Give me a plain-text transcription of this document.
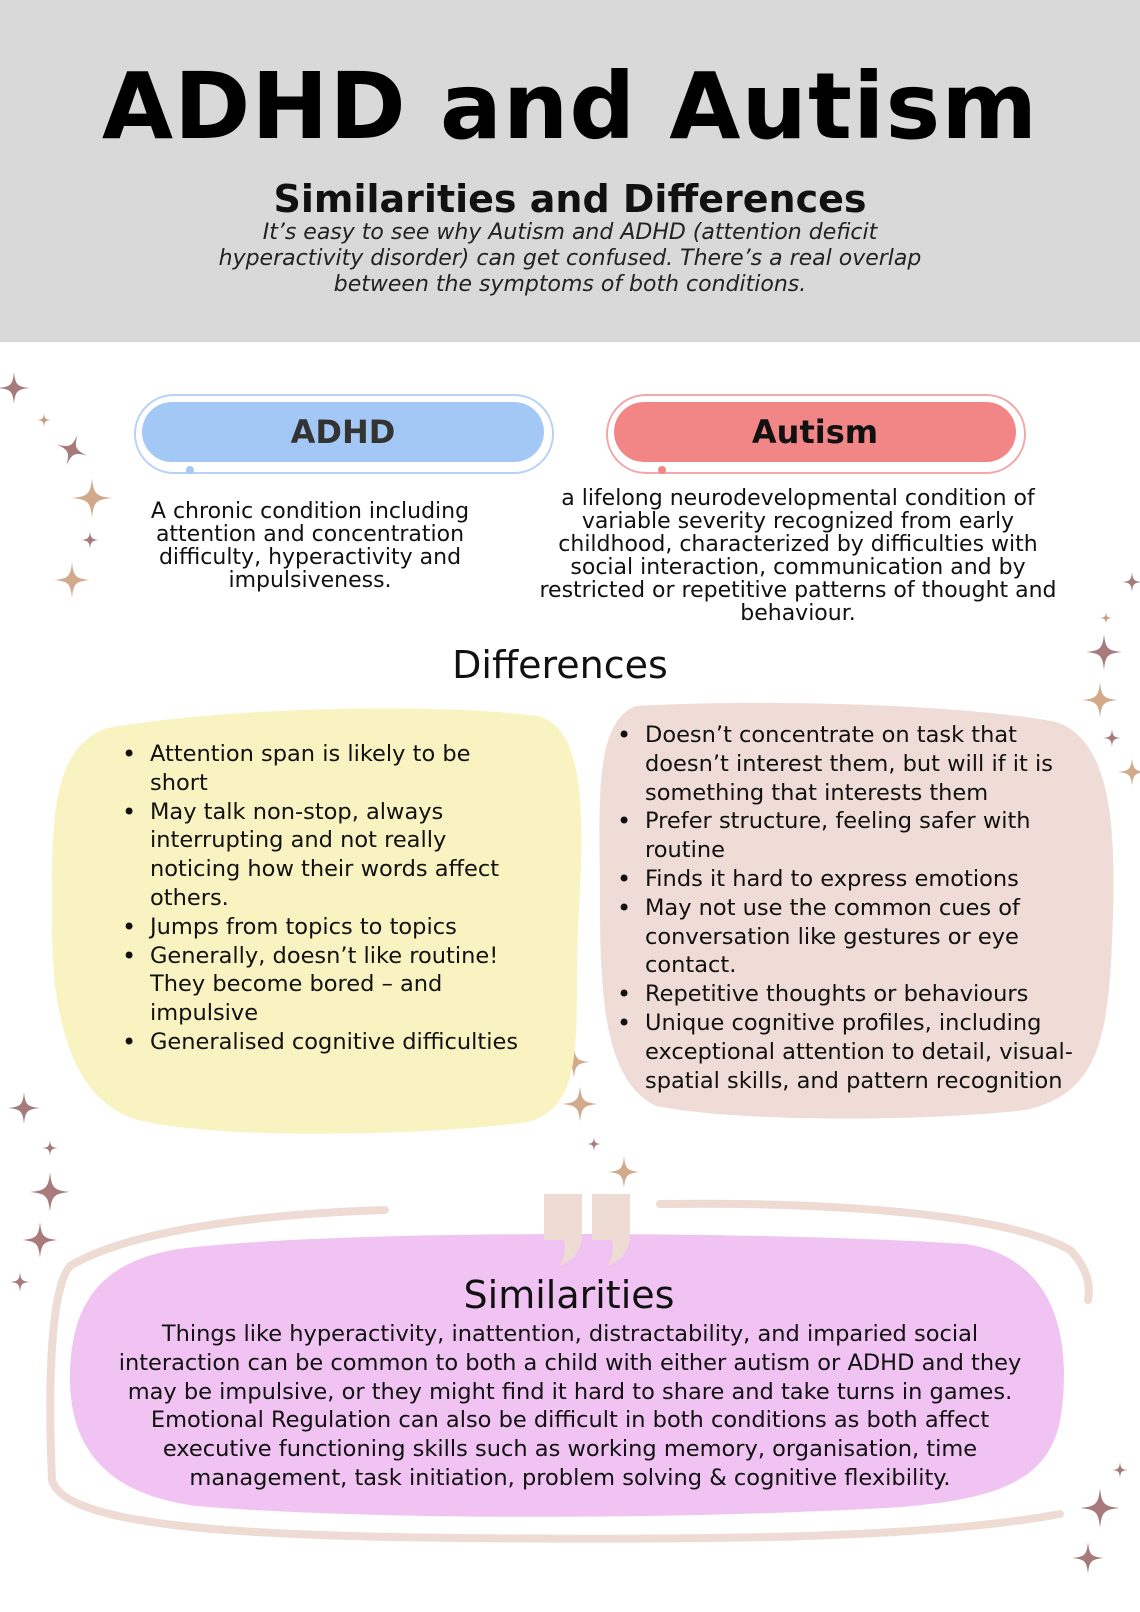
ADHD and Autism
Similarities and Differences
It’s easy to see why Autism and ADHD (attention deficit hyperactivity disorder) can get confused. There’s a real overlap between the symptoms of both conditions.
ADHD	Autism
A chronic condition including attention and concentration difficulty, hyperactivity and impulsiveness.
a lifelong neurodevelopmental condition of variable severity recognized from early childhood, characterized by difficulties with social interaction, communication and by restricted or repetitive patterns of thought and behaviour.
Differences
• Attention span is likely to be short
• May talk non-stop, always interrupting and not really noticing how their words affect others.
• Jumps from topics to topics
• Generally, doesn’t like routine! They become bored – and impulsive
• Generalised cognitive difficulties
• Doesn’t concentrate on task that doesn’t interest them, but will if it is something that interests them
• Prefer structure, feeling safer with routine
• Finds it hard to express emotions
• May not use the common cues of conversation like gestures or eye contact.
• Repetitive thoughts or behaviours
• Unique cognitive profiles, including exceptional attention to detail, visual-spatial skills, and pattern recognition
Similarities
Things like hyperactivity, inattention, distractability, and imparied social interaction can be common to both a child with either autism or ADHD and they may be impulsive, or they might find it hard to share and take turns in games. Emotional Regulation can also be difficult in both conditions as both affect executive functioning skills such as working memory, organisation, time management, task initiation, problem solving & cognitive flexibility.
